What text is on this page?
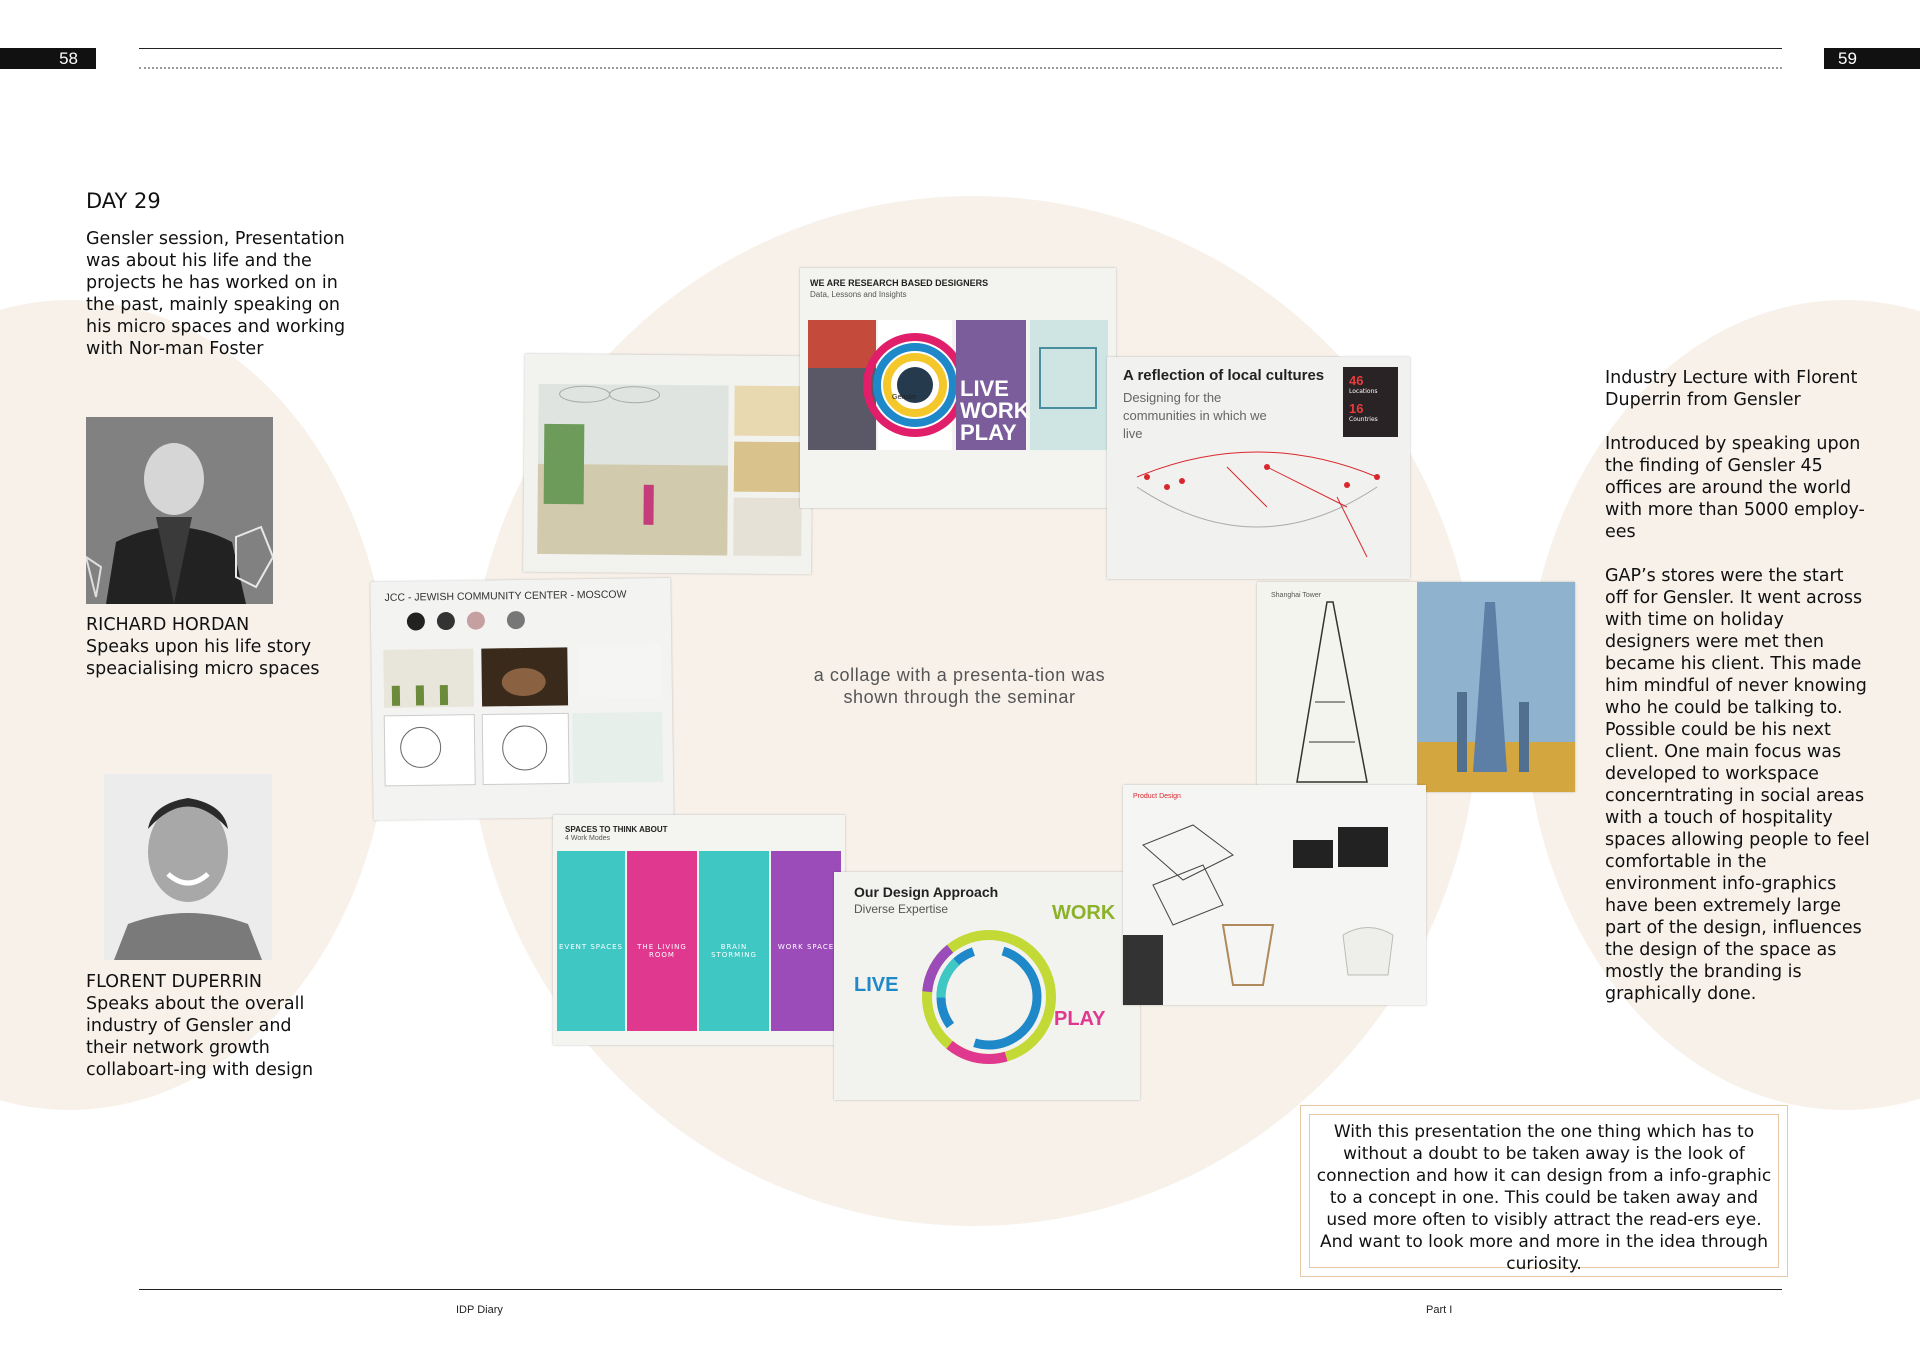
58	59
DAY 29
Gensler session, Presentation was about his life and the projects he has worked on in the past, mainly speaking on his micro spaces and working with Nor-man Foster
RICHARD HORDAN
Speaks upon his life story speacialising micro spaces
FLORENT DUPERRIN
Speaks about the overall industry of Gensler and their network growth collaboart-ing with design
Industry Lecture with Florent Duperrin from Gensler
Introduced by speaking upon the finding of Gensler 45 offices are around the world with more than 5000 employ-ees
GAP’s stores were the start off for Gensler. It went across with time on holiday designers were met then became his client. This made him mindful of never knowing who he could be talking to. Possible could be his next client. One main focus was developed to workspace concerntrating in social areas with a touch of hospitality spaces allowing people to feel comfortable in the environment info-graphics have been extremely large part of the design, influences the design of the space as mostly the branding is graphically done.
a collage with a presenta-tion was shown through the seminar
WE ARE RESEARCH BASED DESIGNERS
Data, Lessons and Insights
LIVE WORK PLAY
Gensler
A reflection of local cultures
Designing for the communities in which we live
46
Locations
16
Countries
JCC - JEWISH COMMUNITY CENTER - MOSCOW	Shanghai Tower
SPACES TO THINK ABOUT
4 Work Modes
EVENT SPACES	THE LIVING ROOM
BRAIN STORMING
WORK SPACE
Our Design Approach
Diverse Expertise	WORK
LIVE
PLAY
Product Design
With this presentation the one thing which has to without a doubt to be taken away is the look of connection and how it can design from a info-graphic to a concept in one. This could be taken away and used more often to visibly attract the read-ers eye. And want to look more and more in the idea through curiosity.
IDP Diary	Part I
